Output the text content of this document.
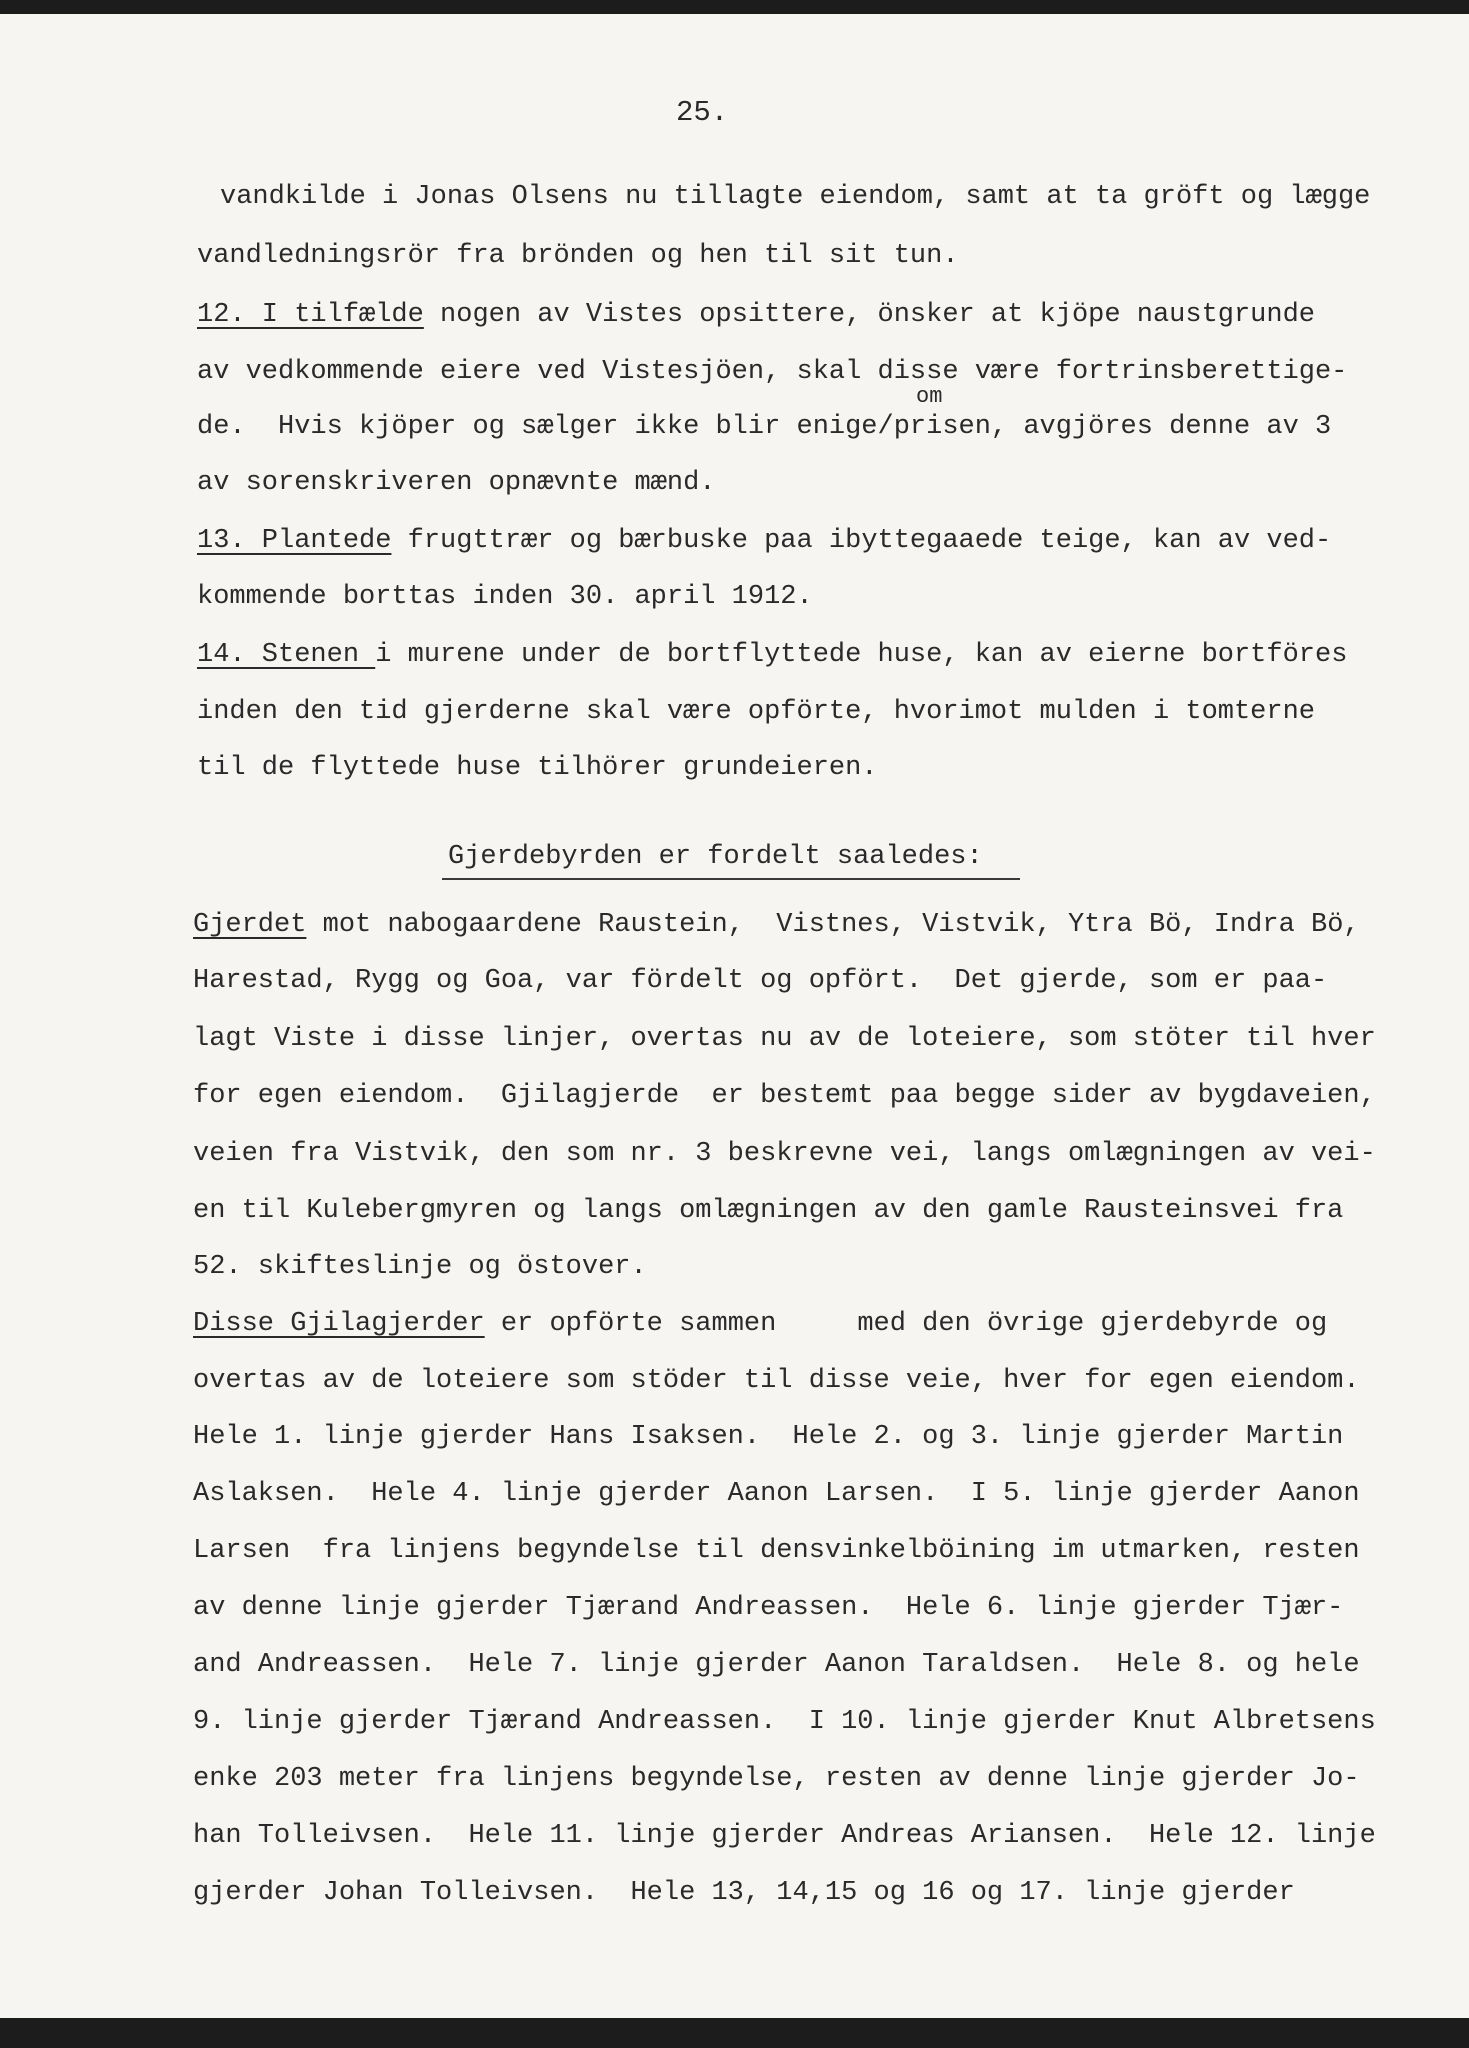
25.
vandkilde i Jonas Olsens nu tillagte eiendom, samt at ta gröft og lægge
vandledningsrör fra brönden og hen til sit tun.
12. I tilfælde nogen av Vistes opsittere, önsker at kjöpe naustgrunde
av vedkommende eiere ved Vistesjöen, skal disse være fortrinsberettige-
om
de.  Hvis kjöper og sælger ikke blir enige/prisen, avgjöres denne av 3
av sorenskriveren opnævnte mænd.
13. Plantede frugttrær og bærbuske paa ibyttegaaede teige, kan av ved-
kommende borttas inden 30. april 1912.
14. Stenen i murene under de bortflyttede huse, kan av eierne bortföres
inden den tid gjerderne skal være opförte, hvorimot mulden i tomterne
til de flyttede huse tilhörer grundeieren.
Gjerdebyrden er fordelt saaledes:
Gjerdet mot nabogaardene Raustein,  Vistnes, Vistvik, Ytra Bö, Indra Bö,
Harestad, Rygg og Goa, var fördelt og opfört.  Det gjerde, som er paa-
lagt Viste i disse linjer, overtas nu av de loteiere, som stöter til hver
for egen eiendom.  Gjilagjerde  er bestemt paa begge sider av bygdaveien,
veien fra Vistvik, den som nr. 3 beskrevne vei, langs omlægningen av vei-
en til Kulebergmyren og langs omlægningen av den gamle Rausteinsvei fra
52. skifteslinje og östover.
Disse Gjilagjerder er opförte sammen     med den övrige gjerdebyrde og
overtas av de loteiere som stöder til disse veie, hver for egen eiendom.
Hele 1. linje gjerder Hans Isaksen.  Hele 2. og 3. linje gjerder Martin
Aslaksen.  Hele 4. linje gjerder Aanon Larsen.  I 5. linje gjerder Aanon
Larsen  fra linjens begyndelse til densvinkelböining im utmarken, resten
av denne linje gjerder Tjærand Andreassen.  Hele 6. linje gjerder Tjær-
and Andreassen.  Hele 7. linje gjerder Aanon Taraldsen.  Hele 8. og hele
9. linje gjerder Tjærand Andreassen.  I 10. linje gjerder Knut Albretsens
enke 203 meter fra linjens begyndelse, resten av denne linje gjerder Jo-
han Tolleivsen.  Hele 11. linje gjerder Andreas Ariansen.  Hele 12. linje
gjerder Johan Tolleivsen.  Hele 13, 14,15 og 16 og 17. linje gjerder
